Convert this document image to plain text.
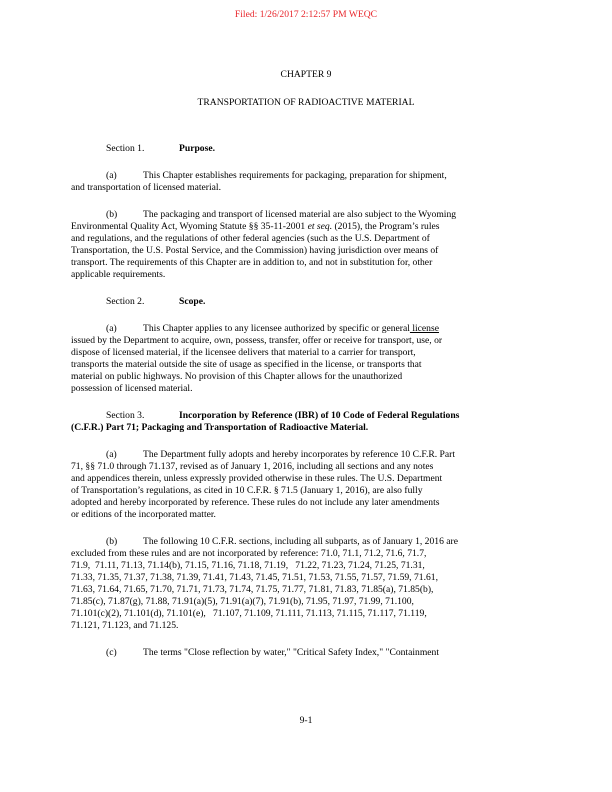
Filed: 1/26/2017 2:12:57 PM WEQC
CHAPTER 9
TRANSPORTATION OF RADIOACTIVE MATERIAL
Section 1.	Purpose.
(a)	This Chapter establishes requirements for packaging, preparation for shipment,
and transportation of licensed material.
(b)	The packaging and transport of licensed material are also subject to the Wyoming
Environmental Quality Act, Wyoming Statute §§ 35-11-2001 et seq. (2015), the Program’s rules
and regulations, and the regulations of other federal agencies (such as the U.S. Department of
Transportation, the U.S. Postal Service, and the Commission) having jurisdiction over means of
transport. The requirements of this Chapter are in addition to, and not in substitution for, other
applicable requirements.
Section 2.	Scope.
(a)	This Chapter applies to any licensee authorized by specific or general license
issued by the Department to acquire, own, possess, transfer, offer or receive for transport, use, or
dispose of licensed material, if the licensee delivers that material to a carrier for transport,
transports the material outside the site of usage as specified in the license, or transports that
material on public highways. No provision of this Chapter allows for the unauthorized
possession of licensed material.
Section 3.	Incorporation by Reference (IBR) of 10 Code of Federal Regulations
(C.F.R.) Part 71; Packaging and Transportation of Radioactive Material.
(a)	The Department fully adopts and hereby incorporates by reference 10 C.F.R. Part
71, §§ 71.0 through 71.137, revised as of January 1, 2016, including all sections and any notes
and appendices therein, unless expressly provided otherwise in these rules. The U.S. Department
of Transportation’s regulations, as cited in 10 C.F.R. § 71.5 (January 1, 2016), are also fully
adopted and hereby incorporated by reference. These rules do not include any later amendments
or editions of the incorporated matter.
(b)	The following 10 C.F.R. sections, including all subparts, as of January 1, 2016 are
excluded from these rules and are not incorporated by reference: 71.0, 71.1, 71.2, 71.6, 71.7,
71.9,  71.11, 71.13, 71.14(b), 71.15, 71.16, 71.18, 71.19,   71.22, 71.23, 71.24, 71.25, 71.31,
71.33, 71.35, 71.37, 71.38, 71.39, 71.41, 71.43, 71.45, 71.51, 71.53, 71.55, 71.57, 71.59, 71.61,
71.63, 71.64, 71.65, 71.70, 71.71, 71.73, 71.74, 71.75, 71.77, 71.81, 71.83, 71.85(a), 71.85(b),
71.85(c), 71.87(g), 71.88, 71.91(a)(5), 71.91(a)(7), 71.91(b), 71.95, 71.97, 71.99, 71.100,
71.101(c)(2), 71.101(d), 71.101(e),   71.107, 71.109, 71.111, 71.113, 71.115, 71.117, 71.119,
71.121, 71.123, and 71.125.
(c)	The terms "Close reflection by water," "Critical Safety Index," "Containment
9-1
